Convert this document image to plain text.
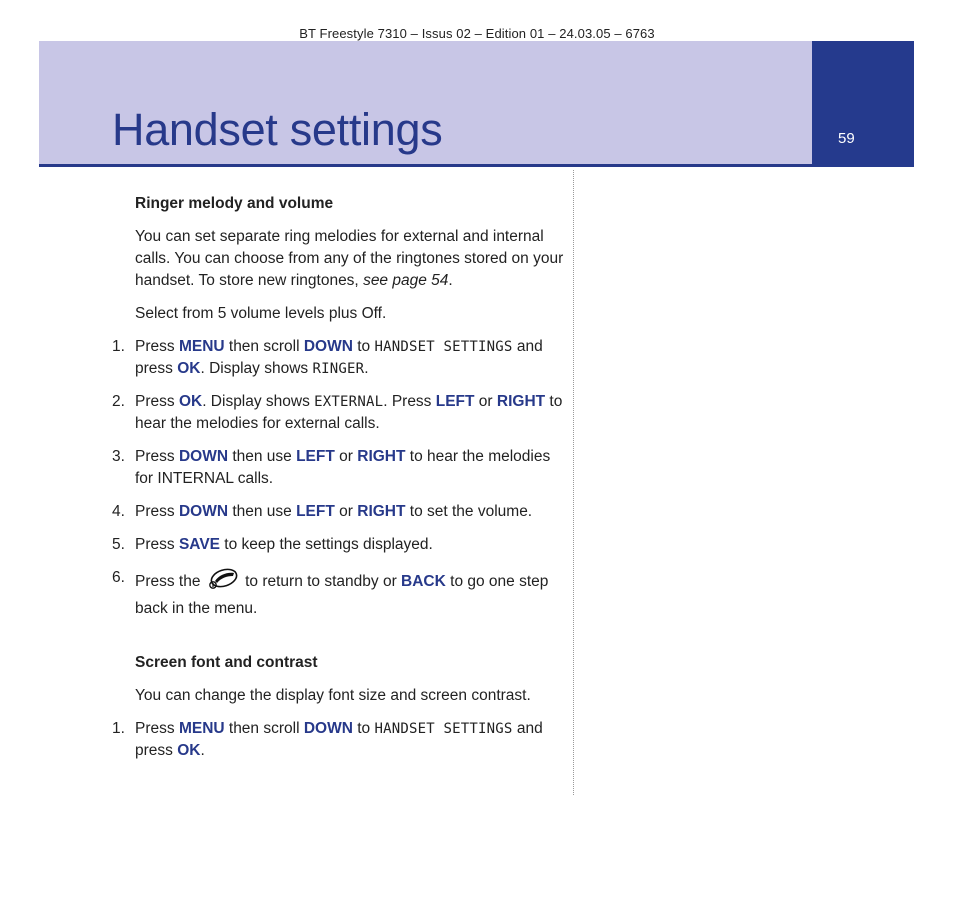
BT Freestyle 7310 – Issus 02 – Edition 01 – 24.03.05 – 6763
Handset settings	59
Ringer melody and volume

You can set separate ring melodies for external and internal calls. You can choose from any of the ringtones stored on your handset. To store new ringtones, see page 54.

Select from 5 volume levels plus Off.

1. Press MENU then scroll DOWN to HANDSET SETTINGS and press OK. Display shows RINGER.
2. Press OK. Display shows EXTERNAL. Press LEFT or RIGHT to hear the melodies for external calls.
3. Press DOWN then use LEFT or RIGHT to hear the melodies for INTERNAL calls.
4. Press DOWN then use LEFT or RIGHT to set the volume.
5. Press SAVE to keep the settings displayed.
6. Press the  to return to standby or BACK to go one step back in the menu.
Screen font and contrast

You can change the display font size and screen contrast.

1. Press MENU then scroll DOWN to HANDSET SETTINGS and press OK.
